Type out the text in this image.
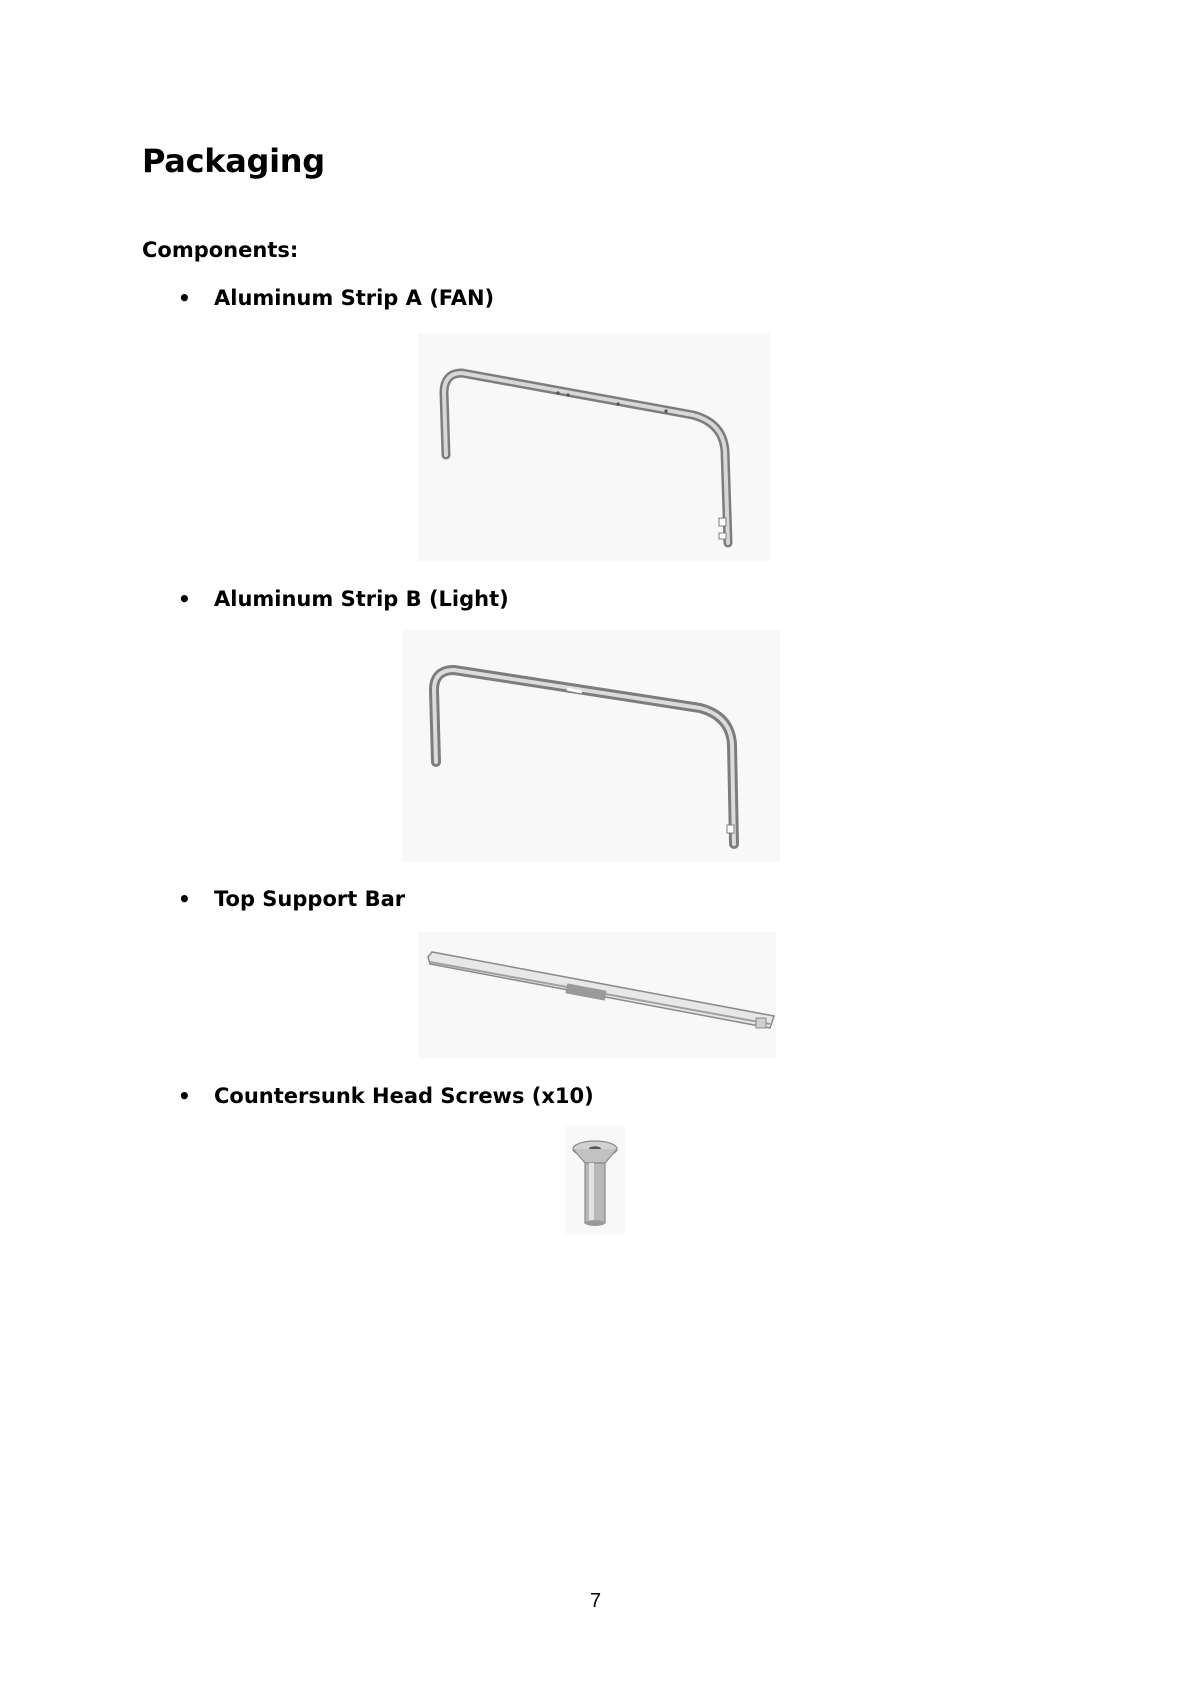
Packaging
Components:
•	Aluminum Strip A (FAN)
•	Aluminum Strip B (Light)
•	Top Support Bar
•	Countersunk Head Screws (x10)
7
